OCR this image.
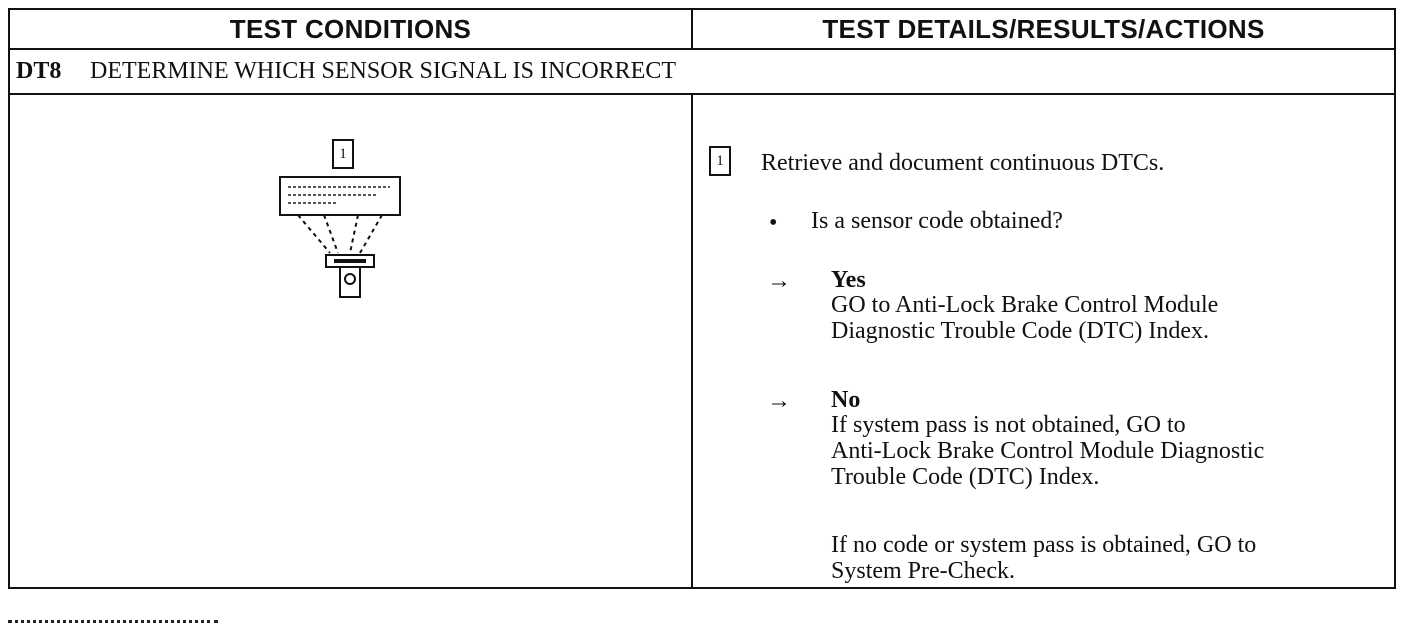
TEST CONDITIONS	TEST DETAILS/RESULTS/ACTIONS
DT8	DETERMINE WHICH SENSOR SIGNAL IS INCORRECT
1	1	Retrieve and document continuous DTCs.
• Is a sensor code obtained?
→ Yes
GO to Anti-Lock Brake Control Module
Diagnostic Trouble Code (DTC) Index.
→ No
If system pass is not obtained, GO to
Anti-Lock Brake Control Module Diagnostic
Trouble Code (DTC) Index.
If no code or system pass is obtained, GO to
System Pre-Check.
